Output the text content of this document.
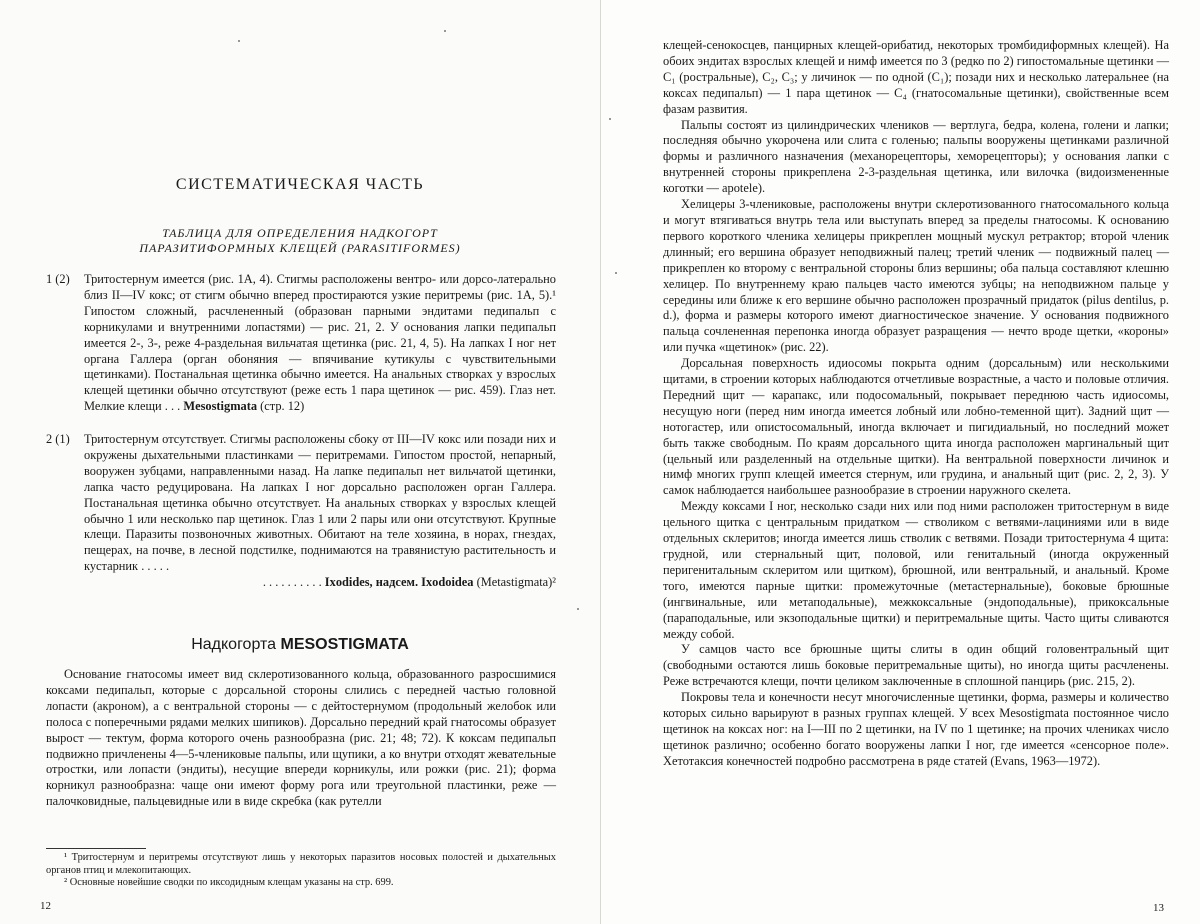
СИСТЕМАТИЧЕСКАЯ ЧАСТЬ
ТАБЛИЦА ДЛЯ ОПРЕДЕЛЕНИЯ НАДКОГОРТ
ПАРАЗИТИФОРМНЫХ КЛЕЩЕЙ (PARASITIFORMES)
1 (2)	Тритостернум имеется (рис. 1А, 4). Стигмы расположены вентро- или дорсо-латерально близ II—IV кокс; от стигм обычно вперед простираются узкие перитремы (рис. 1А, 5).¹ Гипостом сложный, расчлененный (образован парными эндитами педипальп с корникулами и внутренними лопастями) — рис. 21, 2. У основания лапки педипальп имеется 2-, 3-, реже 4-раздельная вильчатая щетинка (рис. 21, 4, 5). На лапках I ног нет органа Галлера (орган обоняния — впячивание кутикулы с чувствительными щетинками). Постанальная щетинка обычно имеется. На анальных створках у взрослых клещей щетинки обычно отсутствуют (реже есть 1 пара щетинок — рис. 459). Глаз нет. Мелкие клещи . . . Mesostigmata (стр. 12)
2 (1)	Тритостернум отсутствует. Стигмы расположены сбоку от III—IV кокс или позади них и окружены дыхательными пластинками — перитремами. Гипостом простой, непарный, вооружен зубцами, направленными назад. На лапке педипальп нет вильчатой щетинки, лапка часто редуцирована. На лапках I ног дорсально расположен орган Галлера. Постанальная щетинка обычно отсутствует. На анальных створках у взрослых клещей обычно 1 или несколько пар щетинок. Глаз 1 или 2 пары или они отсутствуют. Крупные клещи. Паразиты позвоночных животных. Обитают на теле хозяина, в норах, гнездах, пещерах, на почве, в лесной подстилке, поднимаются на травянистую растительность и кустарник . . . . .
. . . . . . . . . . Ixodides, надсем. Ixodoidea (Metastigmata)²
Надкогорта MESOSTIGMATA

Основание гнатосомы имеет вид склеротизованного кольца, образованного разросшимися коксами педипальп, которые с дорсальной стороны слились с передней частью головной лопасти (акроном), а с вентральной стороны — с дейтостернумом (продольный желобок или полоса с поперечными рядами мелких шипиков). Дорсально передний край гнатосомы образует вырост — тектум, форма которого очень разнообразна (рис. 21; 48; 72). К коксам педипальп подвижно причленены 4—5-члениковые пальпы, или щупики, а ко внутри отходят жевательные отростки, или лопасти (эндиты), несущие впереди корникулы, или рожки (рис. 21); форма корникул разнообразна: чаще они имеют форму рога или треугольной пластинки, реже — палочковидные, пальцевидные или в виде скребка (как рутелли

¹ Тритостернум и перитремы отсутствуют лишь у некоторых паразитов носовых полостей и дыхательных органов птиц и млекопитающих.

² Основные новейшие сводки по иксодидным клещам указаны на стр. 699.

12

клещей-сенокосцев, панцирных клещей-орибатид, некоторых тромбидиформных клещей). На обоих эндитах взрослых клещей и нимф имеется по 3 (редко по 2) гипостомальные щетинки — C₁ (ростральные), C₂, C₃; у личинок — по одной (C₁); позади них и несколько латеральнее (на коксах педипальп) — 1 пара щетинок — C₄ (гнатосомальные щетинки), свойственные всем фазам развития.

Пальпы состоят из цилиндрических члеников — вертлуга, бедра, колена, голени и лапки; последняя обычно укорочена или слита с голенью; пальпы вооружены щетинками различной формы и различного назначения (механорецепторы, хеморецепторы); у основания лапки с внутренней стороны прикреплена 2-3-раздельная щетинка, или вилочка (видоизмененные коготки — apotele).

Хелицеры 3-члениковые, расположены внутри склеротизованного гнатосомального кольца и могут втягиваться внутрь тела или выступать вперед за пределы гнатосомы. К основанию первого короткого членика хелицеры прикреплен мощный мускул ретрактор; второй членик длинный; его вершина образует неподвижный палец; третий членик — подвижный палец — прикреплен ко второму с вентральной стороны близ вершины; оба пальца составляют клешню хелицер. По внутреннему краю пальцев часто имеются зубцы; на неподвижном пальце у середины или ближе к его вершине обычно расположен прозрачный придаток (pilus dentilus, p. d.), форма и размеры которого имеют диагностическое значение. У основания подвижного пальца сочлененная перепонка иногда образует разращения — нечто вроде щетки, «короны» или пучка «щетинок» (рис. 22).

Дорсальная поверхность идиосомы покрыта одним (дорсальным) или несколькими щитами, в строении которых наблюдаются отчетливые возрастные, а часто и половые отличия. Передний щит — карапакс, или подосомальный, покрывает переднюю часть идиосомы, несущую ноги (перед ним иногда имеется лобный или лобно-теменной щит). Задний щит — нотогастер, или опистосомальный, иногда включает и пигидиальный, но последний может быть также свободным. По краям дорсального щита иногда расположен маргинальный щит (цельный или разделенный на отдельные щитки). На вентральной поверхности личинок и нимф многих групп клещей имеется стернум, или грудина, и анальный щит (рис. 2, 2, 3). У самок наблюдается наибольшее разнообразие в строении наружного скелета.

Между коксами I ног, несколько сзади них или под ними расположен тритостернум в виде цельного щитка с центральным придатком — стволиком с ветвями-лациниями или в виде отдельных склеритов; иногда имеется лишь стволик с ветвями. Позади тритостернума 4 щита: грудной, или стернальный щит, половой, или генитальный (иногда окруженный перигенитальным склеритом или щитком), брюшной, или вентральный, и анальный. Кроме того, имеются парные щитки: промежуточные (метастернальные), боковые брюшные (ингвинальные, или метаподальные), межкоксальные (эндоподальные), прикоксальные (параподальные, или экзоподальные щитки) и перитремальные щиты. Часто щиты сливаются между собой.

У самцов часто все брюшные щиты слиты в один общий головентральный щит (свободными остаются лишь боковые перитремальные щиты), но иногда щиты расчленены. Реже встречаются клещи, почти целиком заключенные в сплошной панцирь (рис. 215, 2).

Покровы тела и конечности несут многочисленные щетинки, форма, размеры и количество которых сильно варьируют в разных группах клещей. У всех Mesostigmata постоянное число щетинок на коксах ног: на I—III по 2 щетинки, на IV по 1 щетинке; на прочих члениках число щетинок различно; особенно богато вооружены лапки I ног, где имеется «сенсорное поле». Хетотаксия конечностей подробно рассмотрена в ряде статей (Evans, 1963—1972).

13
